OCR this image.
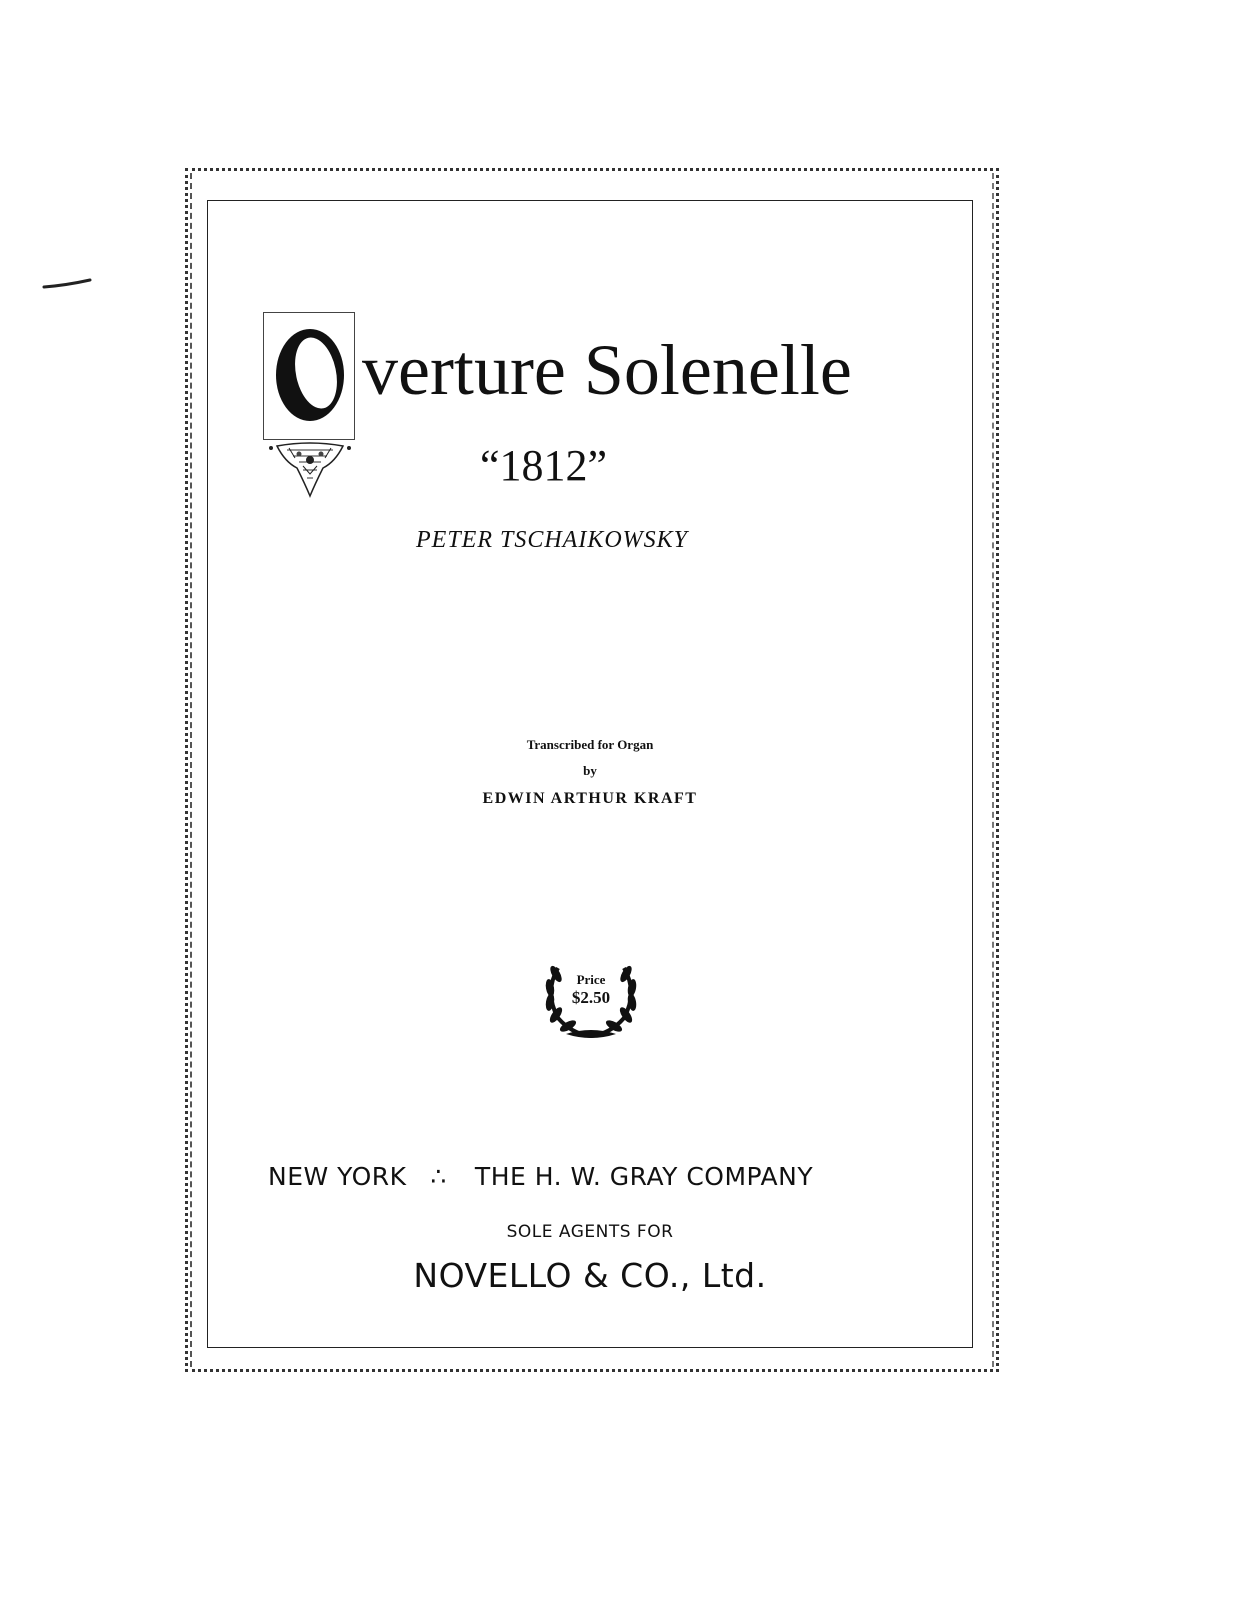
verture Solenelle
“1812”
PETER TSCHAIKOWSKY
Transcribed for Organ
by
EDWIN ARTHUR KRAFT
Price
$2.50
NEW YORK ∴ THE H. W. GRAY COMPANY
SOLE AGENTS FOR
NOVELLO & CO., Ltd.
